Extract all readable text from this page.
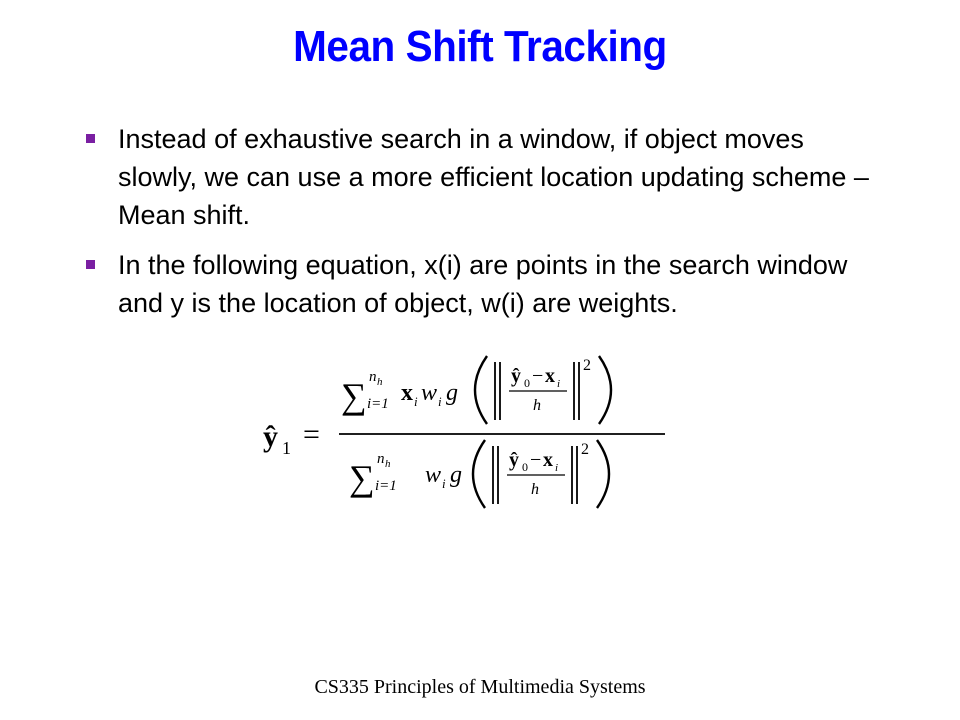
Mean Shift Tracking
Instead of exhaustive search in a window, if object moves slowly, we can use a more efficient location updating scheme – Mean shift.
In the following equation, x(i) are points in the search window and y is the location of object, w(i) are weights.
ŷ 1 =
∑ n h
i=1 x i w i g
ŷ 0 − x i
h
2
∑ n h
i=1 w i g
ŷ 0 − x i
h
2
CS335 Principles of Multimedia Systems
